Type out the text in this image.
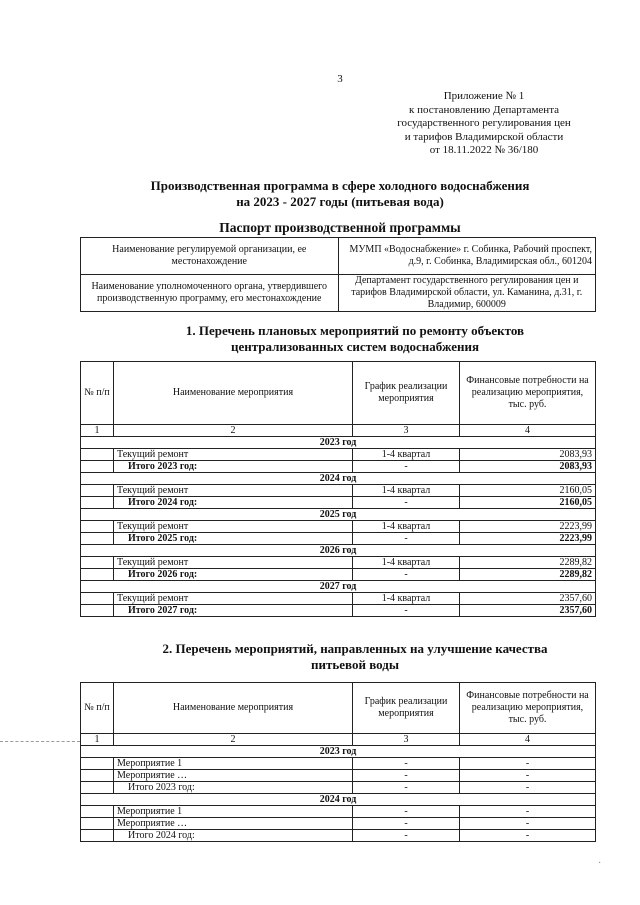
3
Приложение № 1
к постановлению Департамента
государственного регулирования цен
и тарифов Владимирской области
от 18.11.2022 № 36/180
Производственная программа в сфере холодного водоснабжения
на 2023 - 2027 годы (питьевая вода)
Паспорт производственной программы
Наименование регулируемой организации, ее местонахождение	МУМП «Водоснабжение» г. Собинка, Рабочий проспект, д.9, г. Собинка, Владимирская обл., 601204
Наименование уполномоченного органа, утвердившего производственную программу, его местонахождение	Департамент государственного регулирования цен и тарифов Владимирской области, ул. Каманина, д.31, г. Владимир, 600009
1. Перечень плановых мероприятий по ремонту объектов
централизованных систем водоснабжения
№ п/п	Наименование мероприятия	График реализации мероприятия	Финансовые потребности на реализацию мероприятия, тыс. руб.
1	2	3	4
2023 год			
	Текущий ремонт	1-4 квартал	2083,93
	Итого 2023 год:	-	2083,93
2024 год			
	Текущий ремонт	1-4 квартал	2160,05
	Итого 2024 год:	-	2160,05
2025 год			
	Текущий ремонт	1-4 квартал	2223,99
	Итого 2025 год:	-	2223,99
2026 год			
	Текущий ремонт	1-4 квартал	2289,82
	Итого 2026 год:	-	2289,82
2027 год			
	Текущий ремонт	1-4 квартал	2357,60
	Итого 2027 год:	-	2357,60
2. Перечень мероприятий, направленных на улучшение качества
питьевой воды
№ п/п	Наименование мероприятия	График реализации мероприятия	Финансовые потребности на реализацию мероприятия, тыс. руб.
1	2	3	4
2023 год			
	Мероприятие 1	-	-
	Мероприятие …	-	-
	Итого 2023 год:	-	-
2024 год			
	Мероприятие 1	-	-
	Мероприятие …	-	-
	Итого 2024 год:	-	-
·
